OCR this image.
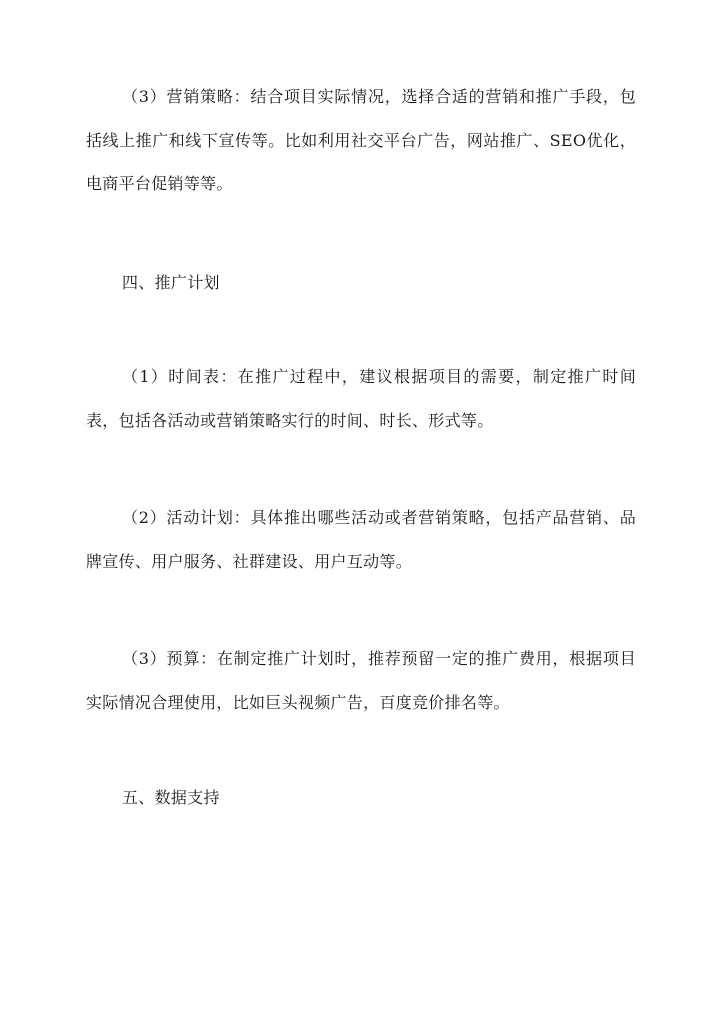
（3）营销策略：结合项目实际情况，选择合适的营销和推广手段，包括线上推广和线下宣传等。比如利用社交平台广告，网站推广、SEO优化，电商平台促销等等。

四、推广计划

（1）时间表：在推广过程中，建议根据项目的需要，制定推广时间表，包括各活动或营销策略实行的时间、时长、形式等。

（2）活动计划：具体推出哪些活动或者营销策略，包括产品营销、品牌宣传、用户服务、社群建设、用户互动等。

（3）预算：在制定推广计划时，推荐预留一定的推广费用，根据项目实际情况合理使用，比如巨头视频广告，百度竞价排名等。

五、数据支持
